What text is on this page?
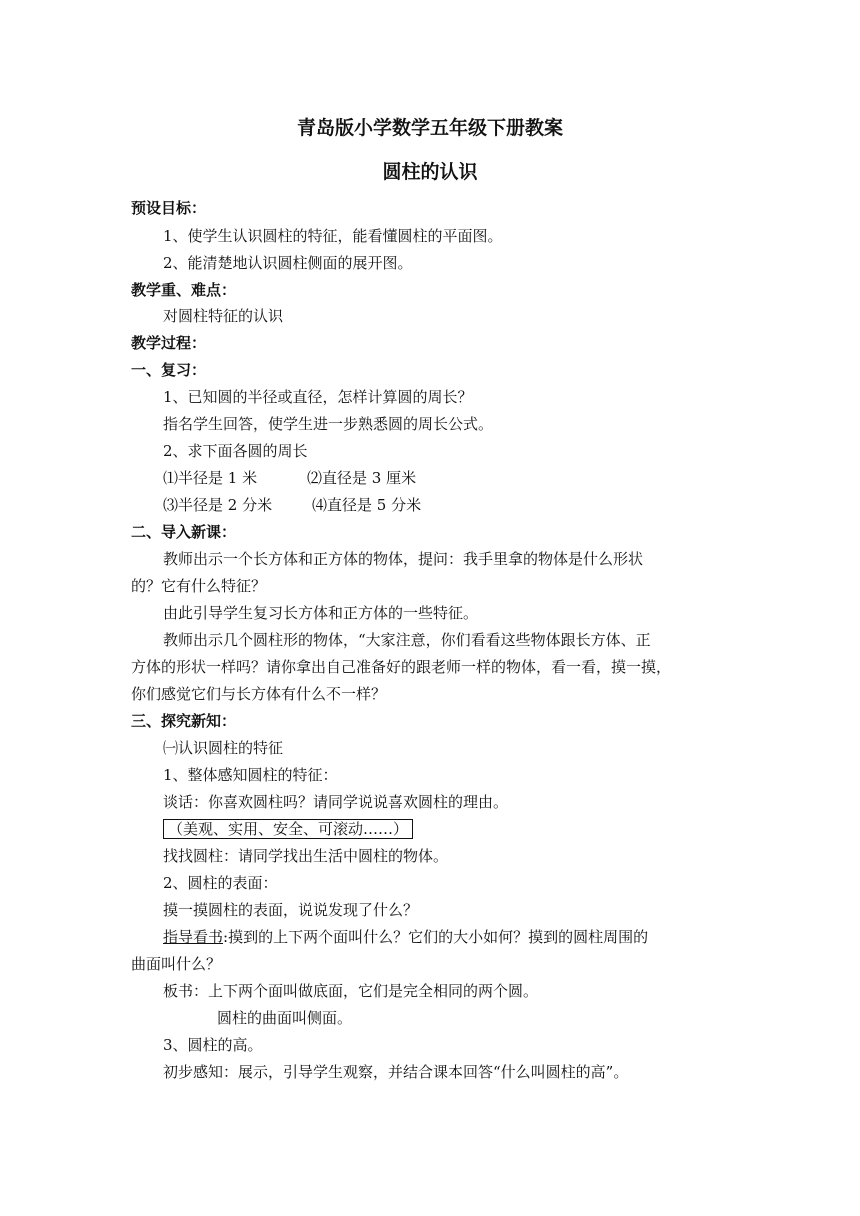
青岛版小学数学五年级下册教案
圆柱的认识
预设目标：
1、使学生认识圆柱的特征，能看懂圆柱的平面图。
2、能清楚地认识圆柱侧面的展开图。
教学重、难点：
对圆柱特征的认识
教学过程：
一、复习：
1、已知圆的半径或直径，怎样计算圆的周长？
指名学生回答，使学生进一步熟悉圆的周长公式。
2、求下面各圆的周长
⑴半径是 1 米	⑵直径是 3 厘米
⑶半径是 2 分米	⑷直径是 5 分米
二、导入新课：
教师出示一个长方体和正方体的物体，提问：我手里拿的物体是什么形状
的？它有什么特征？
由此引导学生复习长方体和正方体的一些特征。
教师出示几个圆柱形的物体，“大家注意，你们看看这些物体跟长方体、正
方体的形状一样吗？请你拿出自己准备好的跟老师一样的物体，看一看，摸一摸，
你们感觉它们与长方体有什么不一样？
三、探究新知：
㈠认识圆柱的特征
1、整体感知圆柱的特征：
谈话：你喜欢圆柱吗？请同学说说喜欢圆柱的理由。
（美观、实用、安全、可滚动……）
找找圆柱：请同学找出生活中圆柱的物体。
2、圆柱的表面：
摸一摸圆柱的表面，说说发现了什么？
指导看书:摸到的上下两个面叫什么？它们的大小如何？摸到的圆柱周围的
曲面叫什么？
板书：上下两个面叫做底面，它们是完全相同的两个圆。
圆柱的曲面叫侧面。
3、圆柱的高。
初步感知：展示，引导学生观察，并结合课本回答“什么叫圆柱的高”。
